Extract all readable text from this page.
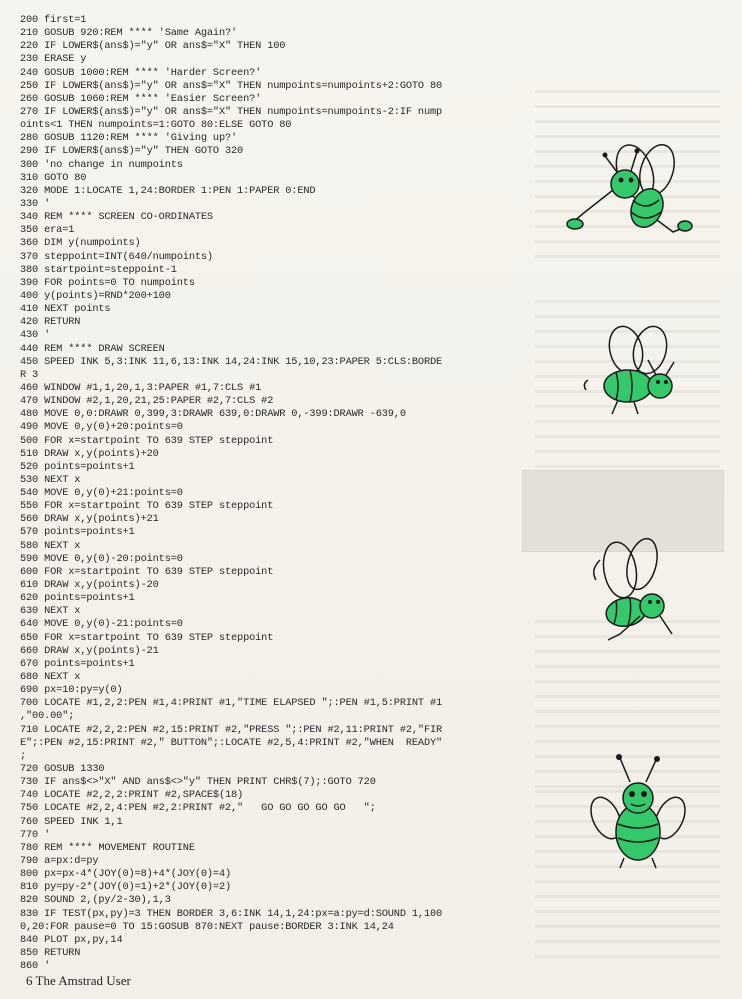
200 first=1
210 GOSUB 920:REM **** 'Same Again?'
220 IF LOWER$(ans$)="y" OR ans$="X" THEN 100
230 ERASE y
240 GOSUB 1000:REM **** 'Harder Screen?'
250 IF LOWER$(ans$)="y" OR ans$="X" THEN numpoints=numpoints+2:GOTO 80
260 GOSUB 1060:REM **** 'Easier Screen?'
270 IF LOWER$(ans$)="y" OR ans$="X" THEN numpoints=numpoints-2:IF nump
oints<1 THEN numpoints=1:GOTO 80:ELSE GOTO 80
280 GOSUB 1120:REM **** 'Giving up?'
290 IF LOWER$(ans$)="y" THEN GOTO 320
300 'no change in numpoints
310 GOTO 80
320 MODE 1:LOCATE 1,24:BORDER 1:PEN 1:PAPER 0:END
330 '
340 REM **** SCREEN CO-ORDINATES
350 era=1
360 DIM y(numpoints)
370 steppoint=INT(640/numpoints)
380 startpoint=steppoint-1
390 FOR points=0 TO numpoints
400 y(points)=RND*200+100
410 NEXT points
420 RETURN
430 '
440 REM **** DRAW SCREEN
450 SPEED INK 5,3:INK 11,6,13:INK 14,24:INK 15,10,23:PAPER 5:CLS:BORDE
R 3
460 WINDOW #1,1,20,1,3:PAPER #1,7:CLS #1
470 WINDOW #2,1,20,21,25:PAPER #2,7:CLS #2
480 MOVE 0,0:DRAWR 0,399,3:DRAWR 639,0:DRAWR 0,-399:DRAWR -639,0
490 MOVE 0,y(0)+20:points=0
500 FOR x=startpoint TO 639 STEP steppoint
510 DRAW x,y(points)+20
520 points=points+1
530 NEXT x
540 MOVE 0,y(0)+21:points=0
550 FOR x=startpoint TO 639 STEP steppoint
560 DRAW x,y(points)+21
570 points=points+1
580 NEXT x
590 MOVE 0,y(0)-20:points=0
600 FOR x=startpoint TO 639 STEP steppoint
610 DRAW x,y(points)-20
620 points=points+1
630 NEXT x
640 MOVE 0,y(0)-21:points=0
650 FOR x=startpoint TO 639 STEP steppoint
660 DRAW x,y(points)-21
670 points=points+1
680 NEXT x
690 px=10:py=y(0)
700 LOCATE #1,2,2:PEN #1,4:PRINT #1,"TIME ELAPSED ";:PEN #1,5:PRINT #1
,"00.00";
710 LOCATE #2,2,2:PEN #2,15:PRINT #2,"PRESS ";:PEN #2,11:PRINT #2,"FIR
E";:PEN #2,15:PRINT #2," BUTTON";:LOCATE #2,5,4:PRINT #2,"WHEN  READY"
;
720 GOSUB 1330
730 IF ans$<>"X" AND ans$<>"y" THEN PRINT CHR$(7);:GOTO 720
740 LOCATE #2,2,2:PRINT #2,SPACE$(18)
750 LOCATE #2,2,4:PEN #2,2:PRINT #2,"   GO GO GO GO GO   ";
760 SPEED INK 1,1
770 '
780 REM **** MOVEMENT ROUTINE
790 a=px:d=py
800 px=px-4*(JOY(0)=8)+4*(JOY(0)=4)
810 py=py-2*(JOY(0)=1)+2*(JOY(0)=2)
820 SOUND 2,(py/2-30),1,3
830 IF TEST(px,py)=3 THEN BORDER 3,6:INK 14,1,24:px=a:py=d:SOUND 1,100
0,20:FOR pause=0 TO 15:GOSUB 870:NEXT pause:BORDER 3:INK 14,24
840 PLOT px,py,14
850 RETURN
860 '
6 The Amstrad User
